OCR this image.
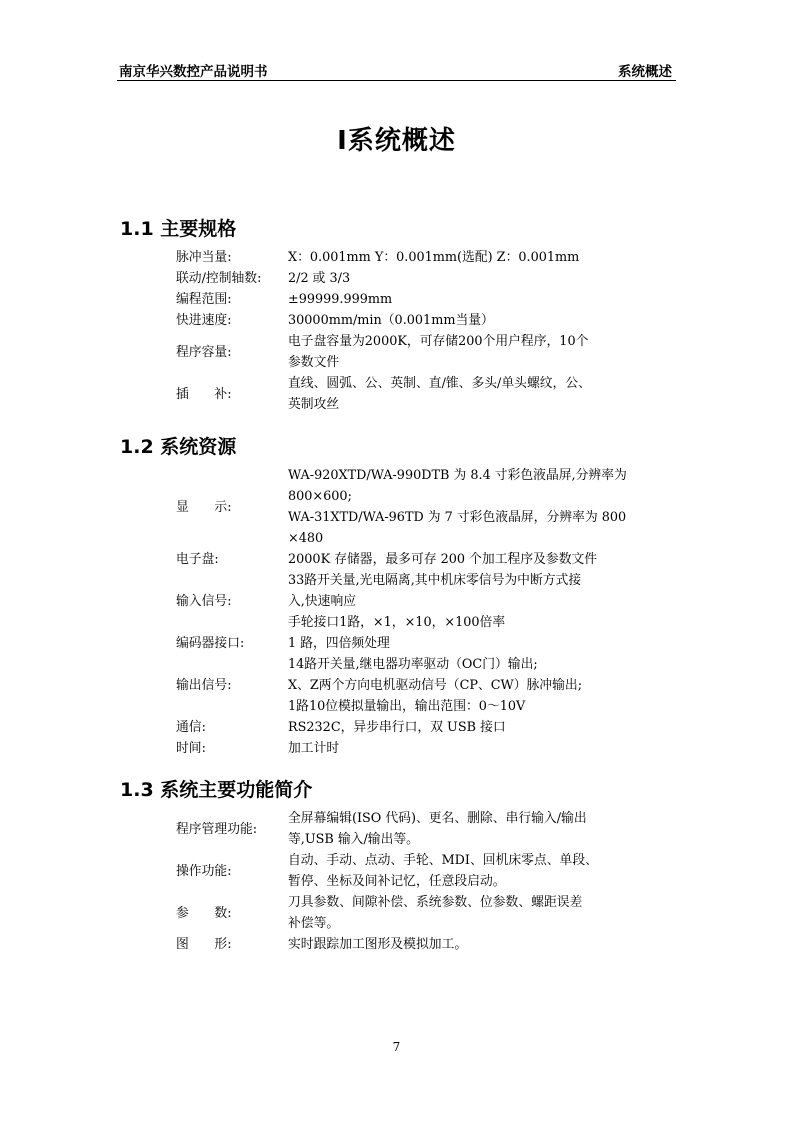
南京华兴数控产品说明书	系统概述
Ⅰ系统概述
1.1 主要规格
脉冲当量:	X：0.001mm Y：0.001mm(选配) Z：0.001mm
联动/控制轴数:	2/2 或 3/3
编程范围:	±99999.999mm
快进速度:	30000mm/min（0.001mm当量）
程序容量:
电子盘容量为2000K，可存储200个用户程序，10个
参数文件
插　　补:
直线、圆弧、公、英制、直/锥、多头/单头螺纹，公、
英制攻丝
1.2 系统资源
显　　示:
WA-920XTD/WA-990DTB 为 8.4 寸彩色液晶屏,分辨率为
800×600;
WA-31XTD/WA-96TD 为 7 寸彩色液晶屏，分辨率为 800
×480
电子盘:	2000K 存储器，最多可存 200 个加工程序及参数文件
输入信号:
33路开关量,光电隔离,其中机床零信号为中断方式接
入,快速响应
手轮接口1路，×1，×10，×100倍率
编码器接口:	1 路，四倍频处理
输出信号:
14路开关量,继电器功率驱动（OC门）输出;
X、Z两个方向电机驱动信号（CP、CW）脉冲输出;
1路10位模拟量输出，输出范围：0～10V
通信:	RS232C，异步串行口，双 USB 接口
时间:	加工计时
1.3 系统主要功能简介
程序管理功能:
全屏幕编辑(ISO 代码)、更名、删除、串行输入/输出
等,USB 输入/输出等。
操作功能:
自动、手动、点动、手轮、MDI、回机床零点、单段、
暂停、坐标及间补记忆，任意段启动。
参　　数:
刀具参数、间隙补偿、系统参数、位参数、螺距误差
补偿等。
图　　形:	实时跟踪加工图形及模拟加工。
7
